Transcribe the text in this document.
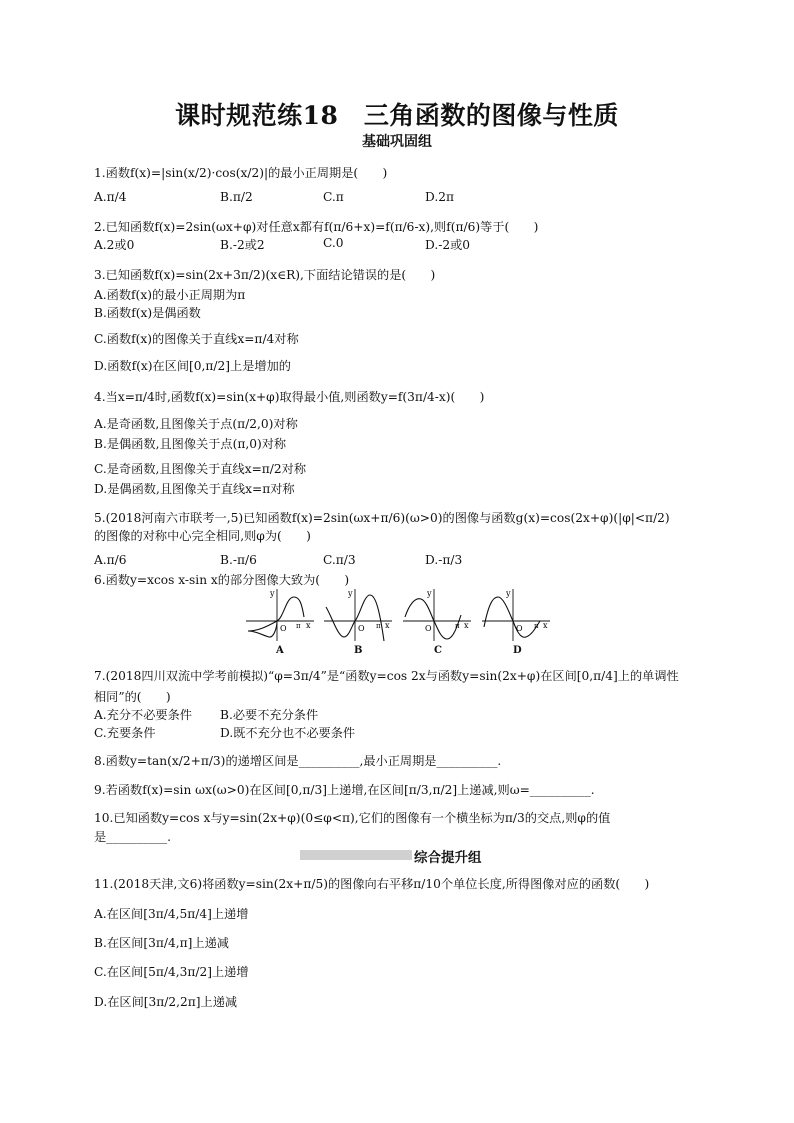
课时规范练18　三角函数的图像与性质
基础巩固组
1.函数f(x)=|sin(x/2)·cos(x/2)|的最小正周期是(　　)
A.π/4	B.π/2	C.π	D.2π
2.已知函数f(x)=2sin(ωx+φ)对任意x都有f(π/6+x)=f(π/6-x),则f(π/6)等于(　　)
A.2或0	B.-2或2	C.0	D.-2或0
3.已知函数f(x)=sin(2x+3π/2)(x∈R),下面结论错误的是(　　)
A.函数f(x)的最小正周期为π
B.函数f(x)是偶函数
C.函数f(x)的图像关于直线x=π/4对称
D.函数f(x)在区间[0,π/2]上是增加的
4.当x=π/4时,函数f(x)=sin(x+φ)取得最小值,则函数y=f(3π/4-x)(　　)
A.是奇函数,且图像关于点(π/2,0)对称
B.是偶函数,且图像关于点(π,0)对称
C.是奇函数,且图像关于直线x=π/2对称
D.是偶函数,且图像关于直线x=π对称
5.(2018河南六市联考一,5)已知函数f(x)=2sin(ωx+π/6)(ω>0)的图像与函数g(x)=cos(2x+φ)(|φ|<π/2)
的图像的对称中心完全相同,则φ为(　　)
A.π/6	B.-π/6	C.π/3	D.-π/3
6.函数y=xcos x-sin x的部分图像大致为(　　)
y
O π x
A
y
O π x
B
y
O	π x
C
y
O π x
D
7.(2018四川双流中学考前模拟)“φ=3π/4”是“函数y=cos 2x与函数y=sin(2x+φ)在区间[0,π/4]上的单调性
相同”的(　　)
A.充分不必要条件 B.必要不充分条件
C.充要条件	D.既不充分也不必要条件
8.函数y=tan(x/2+π/3)的递增区间是__________,最小正周期是__________.
9.若函数f(x)=sin ωx(ω>0)在区间[0,π/3]上递增,在区间[π/3,π/2]上递减,则ω=__________.
10.已知函数y=cos x与y=sin(2x+φ)(0≤φ<π),它们的图像有一个横坐标为π/3的交点,则φ的值
是__________.
综合提升组
11.(2018天津,文6)将函数y=sin(2x+π/5)的图像向右平移π/10个单位长度,所得图像对应的函数(　　)
A.在区间[3π/4,5π/4]上递增
B.在区间[3π/4,π]上递减
C.在区间[5π/4,3π/2]上递增
D.在区间[3π/2,2π]上递减
